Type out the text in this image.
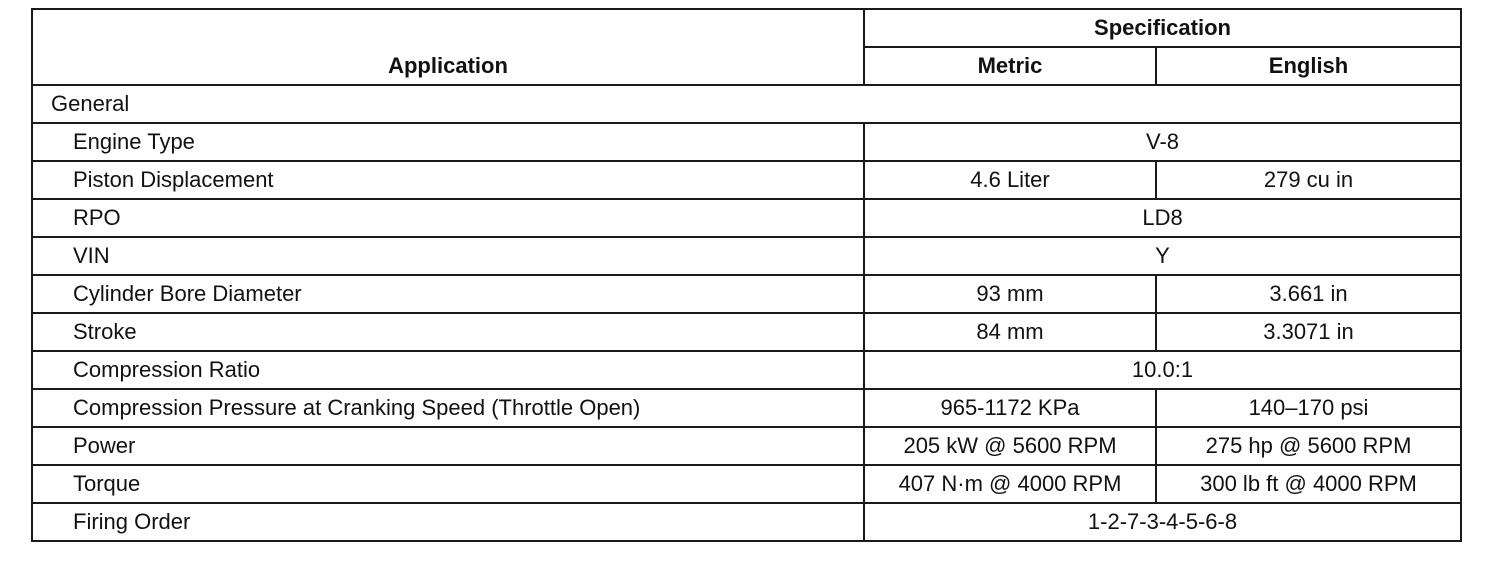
Application	Specification	
	Metric	English
General		
Engine Type	V-8	
Piston Displacement	4.6 Liter	279 cu in
RPO	LD8	
VIN	Y	
Cylinder Bore Diameter	93 mm	3.661 in
Stroke	84 mm	3.3071 in
Compression Ratio	10.0:1	
Compression Pressure at Cranking Speed (Throttle Open)	965-1172 KPa	140–170 psi
Power	205 kW @ 5600 RPM	275 hp @ 5600 RPM
Torque	407 N·m @ 4000 RPM	300 lb ft @ 4000 RPM
Firing Order	1-2-7-3-4-5-6-8	
